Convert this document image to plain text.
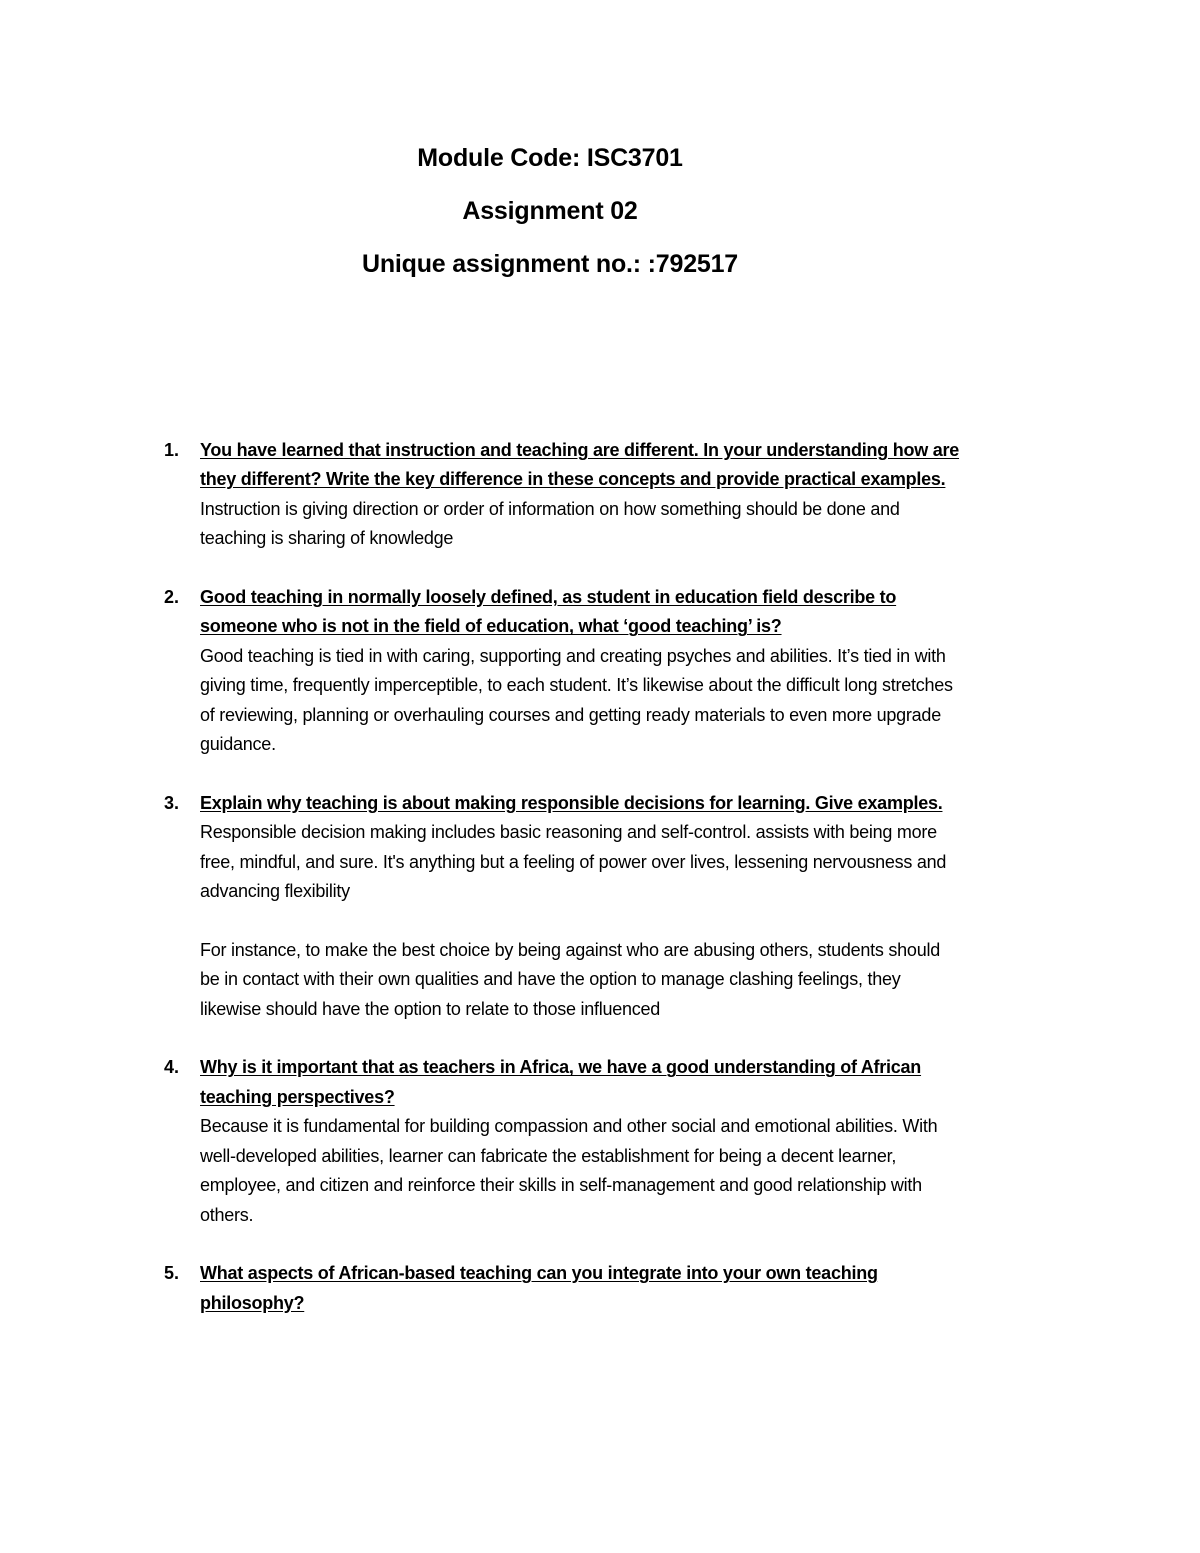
Module Code: ISC3701
Assignment 02
Unique assignment no.: :792517
1. You have learned that instruction and teaching are different. In your understanding how are they different? Write the key difference in these concepts and provide practical examples.
Instruction is giving direction or order of information on how something should be done and teaching is sharing of knowledge
2. Good teaching in normally loosely defined, as student in education field describe to someone who is not in the field of education, what ‘good teaching’ is?
Good teaching is tied in with caring, supporting and creating psyches and abilities. It’s tied in with giving time, frequently imperceptible, to each student. It’s likewise about the difficult long stretches of reviewing, planning or overhauling courses and getting ready materials to even more upgrade guidance.
3. Explain why teaching is about making responsible decisions for learning. Give examples.
Responsible decision making includes basic reasoning and self-control. assists with being more free, mindful, and sure. It's anything but a feeling of power over lives, lessening nervousness and advancing flexibility
For instance, to make the best choice by being against who are abusing others, students should be in contact with their own qualities and have the option to manage clashing feelings, they likewise should have the option to relate to those influenced
4. Why is it important that as teachers in Africa, we have a good understanding of African teaching perspectives?
Because it is fundamental for building compassion and other social and emotional abilities. With well-developed abilities, learner can fabricate the establishment for being a decent learner, employee, and citizen and reinforce their skills in self-management and good relationship with others.
5. What aspects of African-based teaching can you integrate into your own teaching philosophy?
